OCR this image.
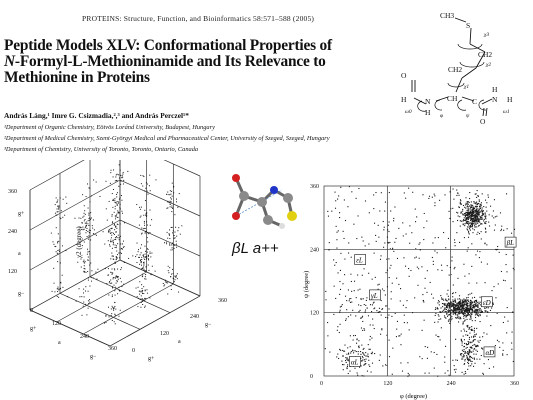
PROTEINS: Structure, Function, and Bioinformatics 58:571–588 (2005)
Peptide Models XLV: Conformational Properties of
N-Formyl-L-Methioninamide and Its Relevance to
Methionine in Proteins
András Láng,¹ Imre G. Csizmadia,²,³ and András Perczel¹*
¹Department of Organic Chemistry, Eötvös Loránd University, Budapest, Hungary
²Department of Medical Chemistry, Szent-Györgyi Medical and Pharmaceutical Center, University of Szeged, Szeged, Hungary
³Department of Chemistry, University of Toronto, Toronto, Ontario, Canada
CH3
S
CH2
CH2
O
H N CH C
H
N
H
H
O
χ3
χ2
χ1
ω0
φ	ψ
ω1
βL a++
χ2 (degree)
360
240
120
g+
a
g−
0
120
240
360
g+
a
g−
0
120
240
360
g+
a
g−
αL
γL
εL
εD
βL
αD
0	120	240	360
0
120
240
360
φ (degree)
ψ (degree)
